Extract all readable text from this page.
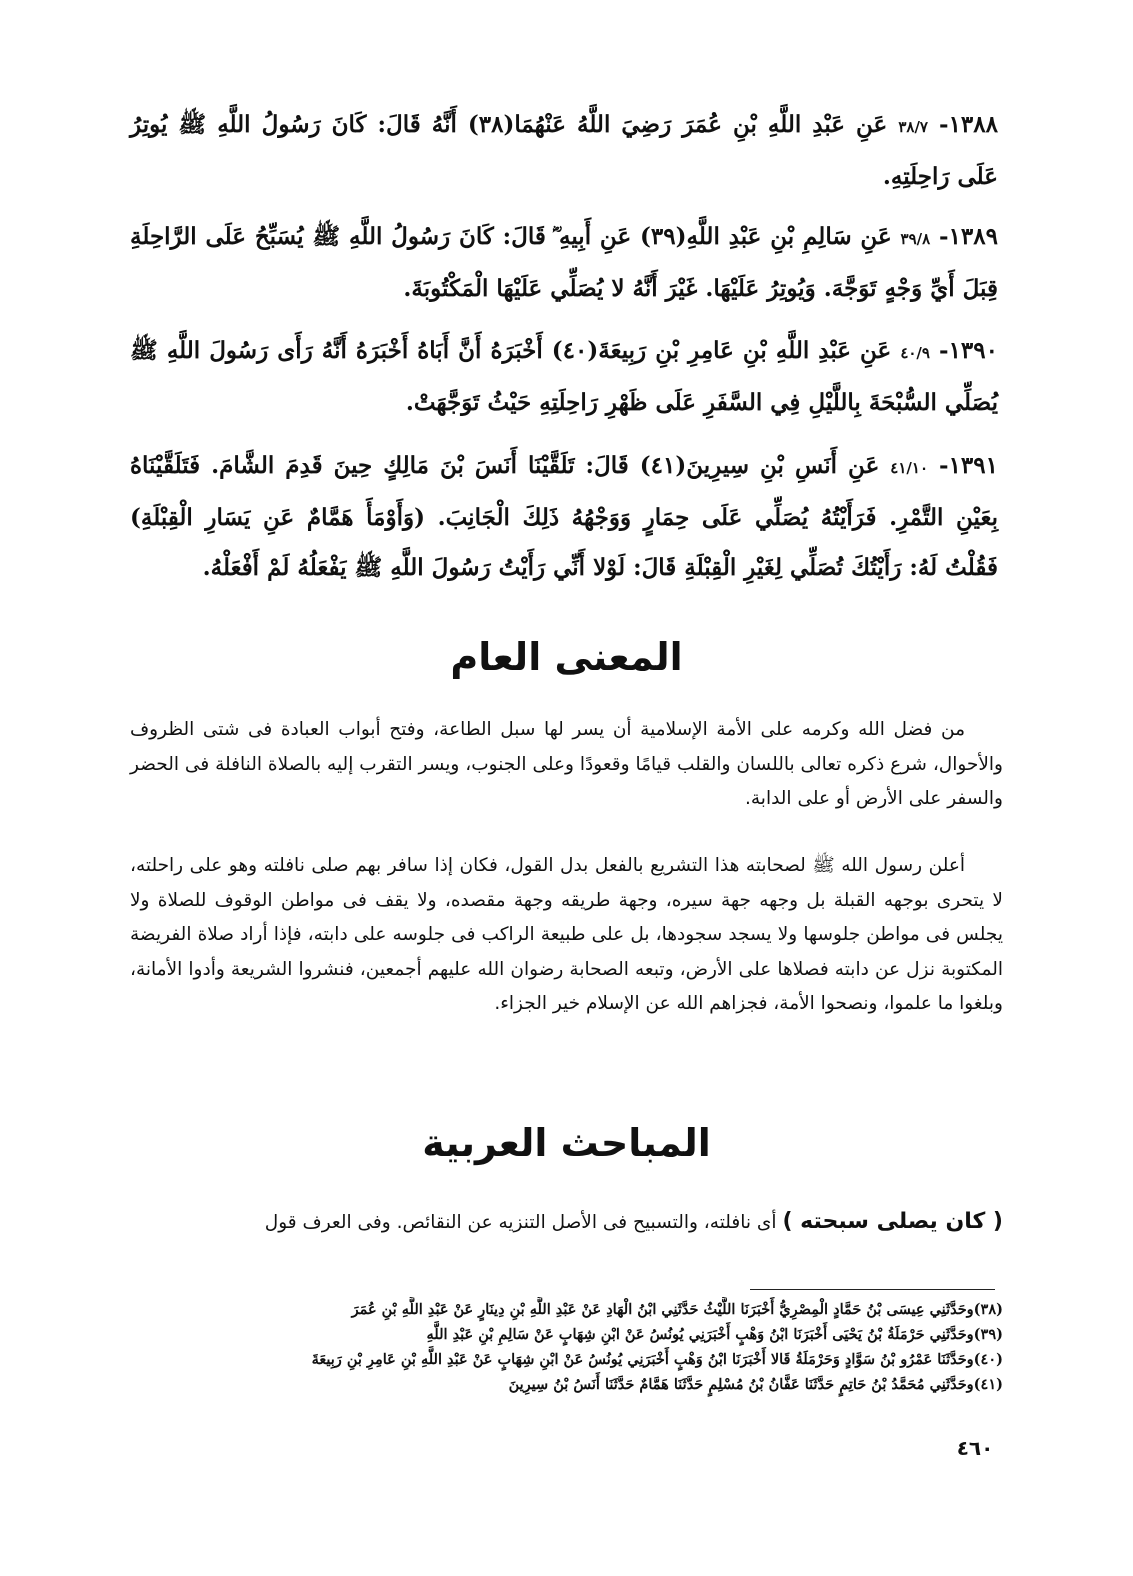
١٣٨٨- ٣٨/٧ عَنِ عَبْدِ اللَّهِ بْنِ عُمَرَ رَضِيَ اللَّهُ عَنْهُمَا(٣٨) أَنَّهُ قَالَ: كَانَ رَسُولُ اللَّهِ ﷺ يُوتِرُ عَلَى رَاحِلَتِهِ.

١٣٨٩- ٣٩/٨ عَنِ سَالِمِ بْنِ عَبْدِ اللَّهِ(٣٩) عَنِ أَبِيهِ ؓ قَالَ: كَانَ رَسُولُ اللَّهِ ﷺ يُسَبِّحُ عَلَى الرَّاحِلَةِ قِبَلَ أَيِّ وَجْهٍ تَوَجَّهَ. وَيُوتِرُ عَلَيْهَا. غَيْرَ أَنَّهُ لا يُصَلِّي عَلَيْهَا الْمَكْتُوبَةَ.

١٣٩٠- ٤٠/٩ عَنِ عَبْدِ اللَّهِ بْنِ عَامِرِ بْنِ رَبِيعَةَ(٤٠) أَخْبَرَهُ أَنَّ أَبَاهُ أَخْبَرَهُ أَنَّهُ رَأَى رَسُولَ اللَّهِ ﷺ يُصَلِّي السُّبْحَةَ بِاللَّيْلِ فِي السَّفَرِ عَلَى ظَهْرِ رَاحِلَتِهِ حَيْثُ تَوَجَّهَتْ.

١٣٩١- ٤١/١٠ عَنِ أَنَسِ بْنِ سِيرِينَ(٤١) قَالَ: تَلَقَّيْنَا أَنَسَ بْنَ مَالِكٍ حِينَ قَدِمَ الشَّامَ. فَتَلَقَّيْنَاهُ بِعَيْنِ التَّمْرِ. فَرَأَيْتُهُ يُصَلِّي عَلَى حِمَارٍ وَوَجْهُهُ ذَلِكَ الْجَانِبَ. (وَأَوْمَأَ هَمَّامٌ عَنِ يَسَارِ الْقِبْلَةِ) فَقُلْتُ لَهُ: رَأَيْتُكَ تُصَلِّي لِغَيْرِ الْقِبْلَةِ قَالَ: لَوْلا أَنِّي رَأَيْتُ رَسُولَ اللَّهِ ﷺ يَفْعَلُهُ لَمْ أَفْعَلْهُ.

المعنى العام

من فضل الله وكرمه على الأمة الإسلامية أن يسر لها سبل الطاعة، وفتح أبواب العبادة فى شتى الظروف والأحوال، شرع ذكره تعالى باللسان والقلب قيامًا وقعودًا وعلى الجنوب، ويسر التقرب إليه بالصلاة النافلة فى الحضر والسفر على الأرض أو على الدابة.

أعلن رسول الله ﷺ لصحابته هذا التشريع بالفعل بدل القول، فكان إذا سافر بهم صلى نافلته وهو على راحلته، لا يتحرى بوجهه القبلة بل وجهه جهة سيره، وجهة طريقه وجهة مقصده، ولا يقف فى مواطن الوقوف للصلاة ولا يجلس فى مواطن جلوسها ولا يسجد سجودها، بل على طبيعة الراكب فى جلوسه على دابته، فإذا أراد صلاة الفريضة المكتوبة نزل عن دابته فصلاها على الأرض، وتبعه الصحابة رضوان الله عليهم أجمعين، فنشروا الشريعة وأدوا الأمانة، وبلغوا ما علموا، ونصحوا الأمة، فجزاهم الله عن الإسلام خير الجزاء.

المباحث العربية

( كان يصلى سبحته ) أى نافلته، والتسبيح فى الأصل التنزيه عن النقائص. وفى العرف قول

(٣٨)وحَدَّثَنِي عِيسَى بْنُ حَمَّادٍ الْمِصْرِيُّ أَخْبَرَنَا اللَّيْثُ حَدَّثَنِي ابْنُ الْهَادِ عَنْ عَبْدِ اللَّهِ بْنِ دِينَارٍ عَنْ عَبْدِ اللَّهِ بْنِ عُمَرَ
(٣٩)وحَدَّثَنِي حَرْمَلَةُ بْنُ يَحْيَى أَخْبَرَنَا ابْنُ وَهْبٍ أَخْبَرَنِي يُونُسُ عَنْ ابْنِ شِهَابٍ عَنْ سَالِمِ بْنِ عَبْدِ اللَّهِ
(٤٠)وحَدَّثَنَا عَمْرُو بْنُ سَوَّادٍ وَحَرْمَلَةُ قَالا أَخْبَرَنَا ابْنُ وَهْبٍ أَخْبَرَنِي يُونُسُ عَنْ ابْنِ شِهَابٍ عَنْ عَبْدِ اللَّهِ بْنِ عَامِرِ بْنِ رَبِيعَةَ
(٤١)وحَدَّثَنِي مُحَمَّدُ بْنُ حَاتِمٍ حَدَّثَنَا عَفَّانُ بْنُ مُسْلِمٍ حَدَّثَنَا هَمَّامٌ حَدَّثَنَا أَنَسُ بْنُ سِيرِينَ
٤٦٠
